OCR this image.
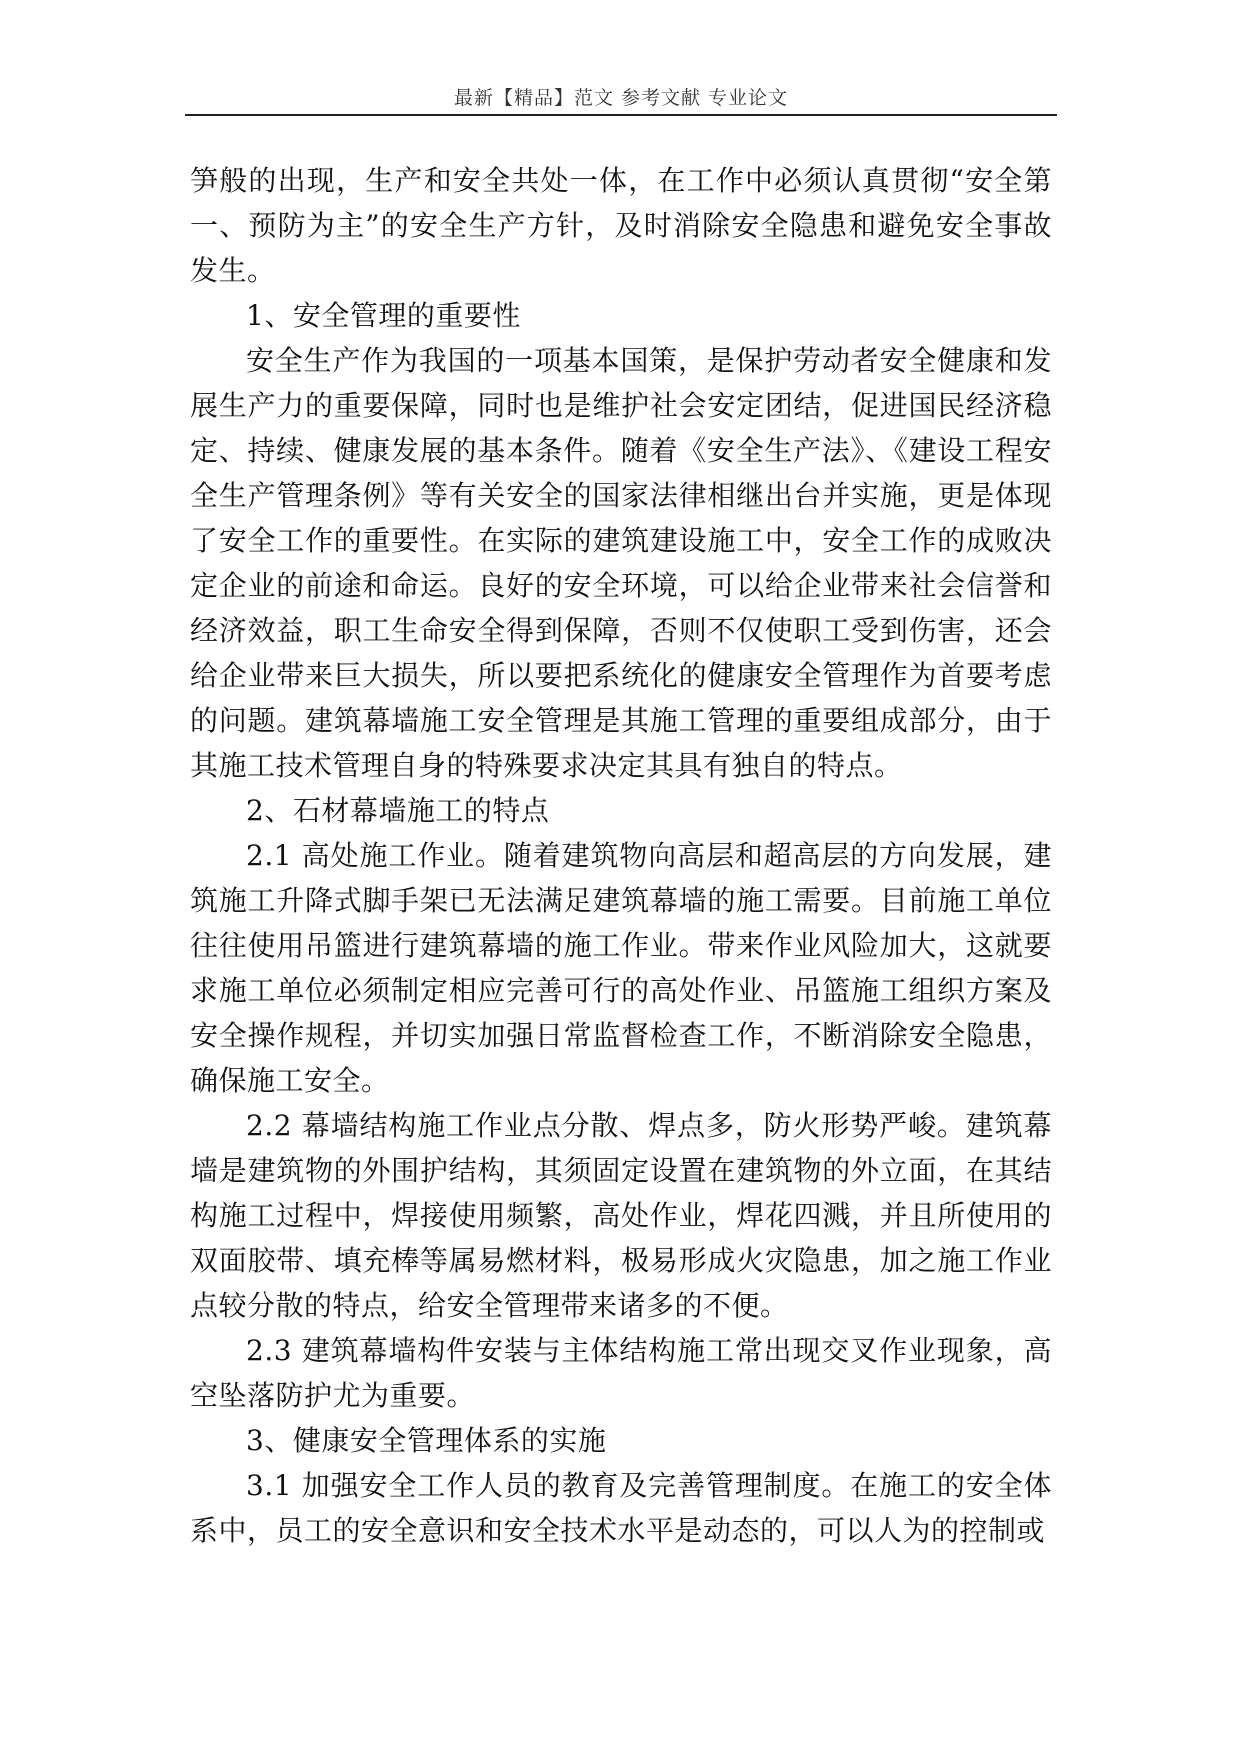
最新【精品】范文 参考文献 专业论文

笋般的出现，生产和安全共处一体，在工作中必须认真贯彻“安全第一、预防为主”的安全生产方针，及时消除安全隐患和避免安全事故发生。

1、安全管理的重要性

安全生产作为我国的一项基本国策，是保护劳动者安全健康和发展生产力的重要保障，同时也是维护社会安定团结，促进国民经济稳定、持续、健康发展的基本条件。随着《安全生产法》、《建设工程安全生产管理条例》等有关安全的国家法律相继出台并实施，更是体现了安全工作的重要性。在实际的建筑建设施工中，安全工作的成败决定企业的前途和命运。良好的安全环境，可以给企业带来社会信誉和经济效益，职工生命安全得到保障，否则不仅使职工受到伤害，还会给企业带来巨大损失，所以要把系统化的健康安全管理作为首要考虑的问题。建筑幕墙施工安全管理是其施工管理的重要组成部分，由于其施工技术管理自身的特殊要求决定其具有独自的特点。

2、石材幕墙施工的特点

2.1 高处施工作业。随着建筑物向高层和超高层的方向发展，建筑施工升降式脚手架已无法满足建筑幕墙的施工需要。目前施工单位往往使用吊篮进行建筑幕墙的施工作业。带来作业风险加大，这就要求施工单位必须制定相应完善可行的高处作业、吊篮施工组织方案及安全操作规程，并切实加强日常监督检查工作，不断消除安全隐患，确保施工安全。

2.2 幕墙结构施工作业点分散、焊点多，防火形势严峻。建筑幕墙是建筑物的外围护结构，其须固定设置在建筑物的外立面，在其结构施工过程中，焊接使用频繁，高处作业，焊花四溅，并且所使用的双面胶带、填充棒等属易燃材料，极易形成火灾隐患，加之施工作业点较分散的特点，给安全管理带来诸多的不便。

2.3 建筑幕墙构件安装与主体结构施工常出现交叉作业现象，高空坠落防护尤为重要。

3、健康安全管理体系的实施

3.1 加强安全工作人员的教育及完善管理制度。在施工的安全体系中，员工的安全意识和安全技术水平是动态的，可以人为的控制或
